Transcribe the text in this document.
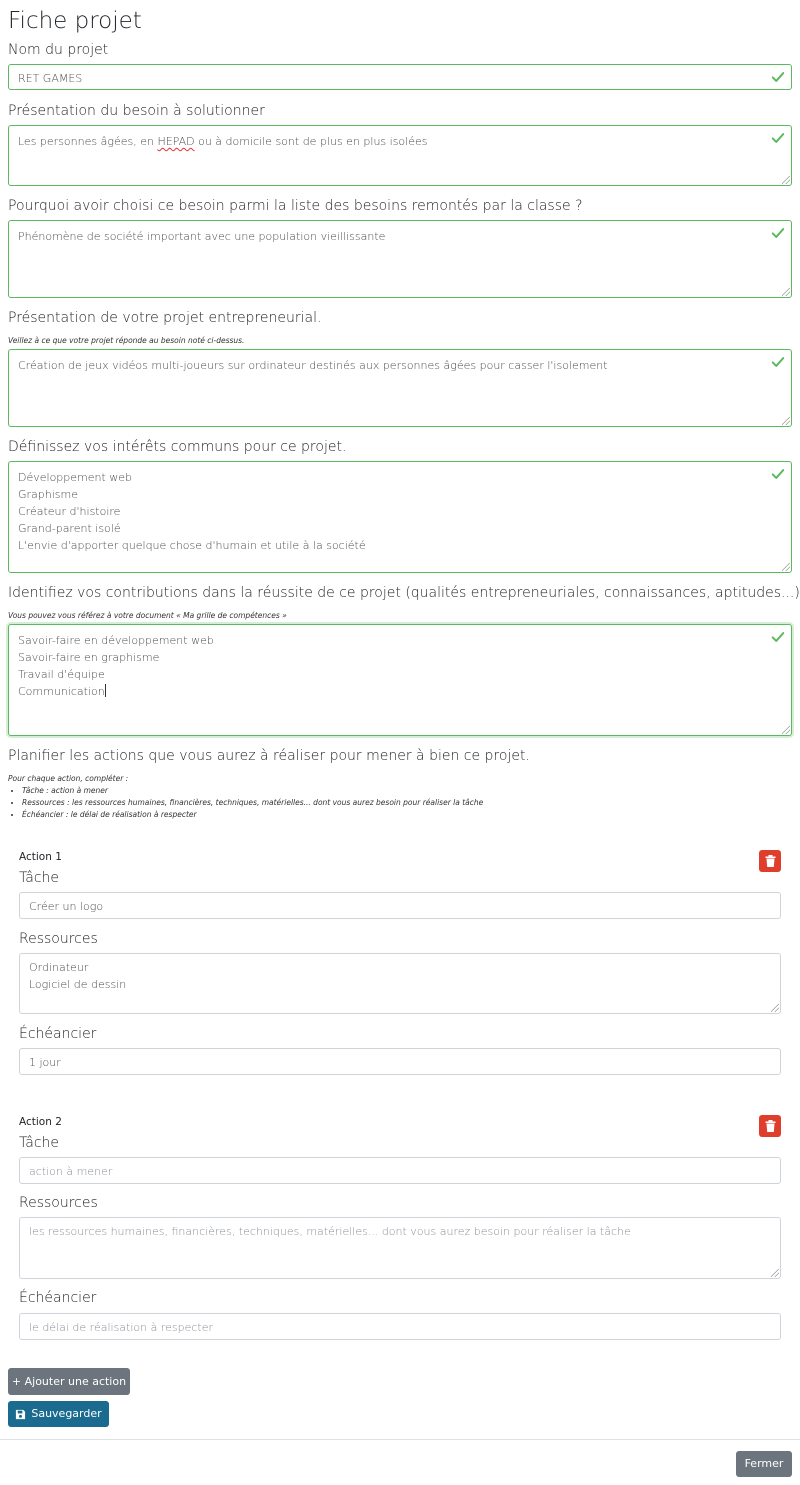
Fiche projet
Nom du projet
RET GAMES
Présentation du besoin à solutionner
Les personnes âgées, en HEPAD ou à domicile sont de plus en plus isolées
Pourquoi avoir choisi ce besoin parmi la liste des besoins remontés par la classe ?
Phénomène de société important avec une population vieillissante
Présentation de votre projet entrepreneurial.
Veillez à ce que votre projet réponde au besoin noté ci-dessus.
Création de jeux vidéos multi-joueurs sur ordinateur destinés aux personnes âgées pour casser l'isolement
Définissez vos intérêts communs pour ce projet.
Développement web
Graphisme
Créateur d'histoire
Grand-parent isolé
L'envie d'apporter quelque chose d'humain et utile à la société
Identifiez vos contributions dans la réussite de ce projet (qualités entrepreneuriales, connaissances, aptitudes...)
Vous pouvez vous référez à votre document « Ma grille de compétences »
Savoir-faire en développement web
Savoir-faire en graphisme
Travail d'équipe
Communication
Planifier les actions que vous aurez à réaliser pour mener à bien ce projet.
Pour chaque action, compléter :
• Tâche : action à mener
• Ressources : les ressources humaines, financières, techniques, matérielles... dont vous aurez besoin pour réaliser la tâche
• Échéancier : le délai de réalisation à respecter
Action 1
Tâche
Créer un logo
Ressources
Ordinateur
Logiciel de dessin
Échéancier
1 jour
Action 2
Tâche
action à mener
Ressources
les ressources humaines, financières, techniques, matérielles... dont vous aurez besoin pour réaliser la tâche
Échéancier
le délai de réalisation à respecter
+ Ajouter une action
Sauvegarder
Fermer
